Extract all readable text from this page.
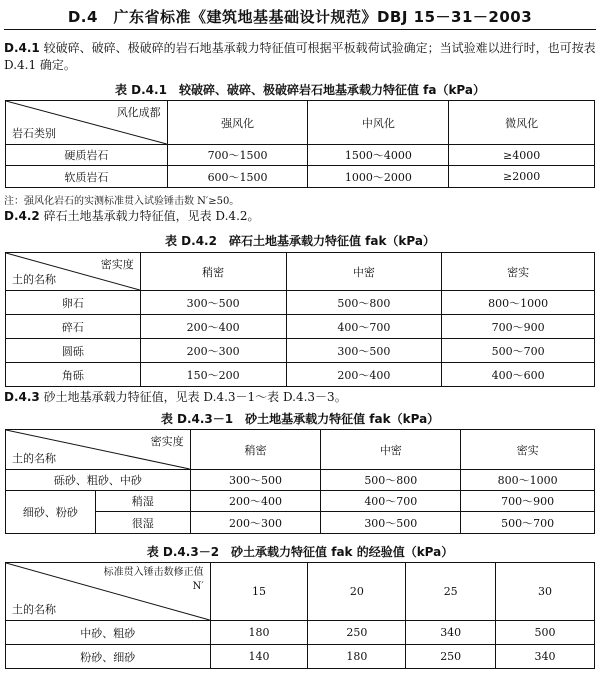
D.4　广东省标准《建筑地基基础设计规范》DBJ 15－31－2003
D.4.1 较破碎、破碎、极破碎的岩石地基承载力特征值可根据平板载荷试验确定；当试验难以进行时，也可按表 D.4.1 确定。
表 D.4.1　较破碎、破碎、极破碎岩石地基承载力特征值 fa（kPa）
风化成都
岩石类别	强风化	中风化	微风化
硬质岩石	700～1500	1500～4000	≥4000
软质岩石	600～1500	1000～2000	≥2000
注：强风化岩石的实测标准贯入试验锤击数 N′≥50。
D.4.2 碎石土地基承载力特征值，见表 D.4.2。
表 D.4.2　碎石土地基承载力特征值 fak（kPa）
密实度
土的名称	稍密	中密	密实
卵石	300～500	500～800	800～1000
碎石	200～400	400～700	700～900
圆砾	200～300	300～500	500～700
角砾	150～200	200～400	400～600
D.4.3 砂土地基承载力特征值，见表 D.4.3－1～表 D.4.3－3。
表 D.4.3－1　砂土地基承载力特征值 fak（kPa）
密实度
土的名称		稍密	中密	密实
砾砂、粗砂、中砂		300～500	500～800	800～1000
细砂、粉砂	稍湿	200～400	400～700	700～900
	很湿	200～300	300～500	500～700
表 D.4.3－2　砂土承载力特征值 fak 的经验值（kPa）
标准贯入锤击数修正值
N′
土的名称	15	20	25	30
中砂、粗砂	180	250	340	500
粉砂、细砂	140	180	250	340
